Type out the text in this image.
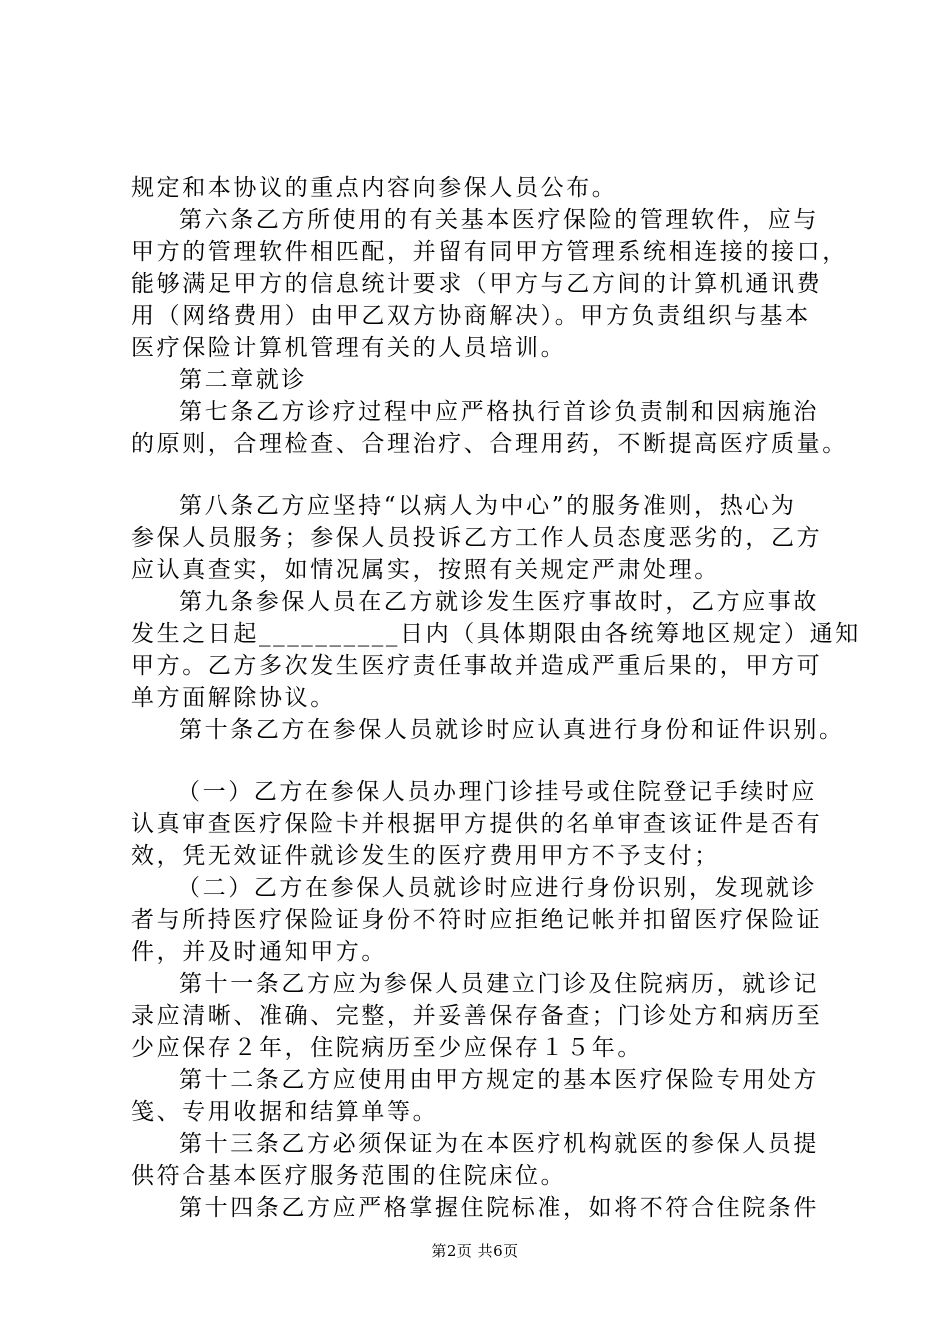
规定和本协议的重点内容向参保人员公布。
第六条乙方所使用的有关基本医疗保险的管理软件，应与
甲方的管理软件相匹配，并留有同甲方管理系统相连接的接口，
能够满足甲方的信息统计要求（甲方与乙方间的计算机通讯费
用（网络费用）由甲乙双方协商解决）。甲方负责组织与基本
医疗保险计算机管理有关的人员培训。
第二章就诊
第七条乙方诊疗过程中应严格执行首诊负责制和因病施治
的原则，合理检查、合理治疗、合理用药，不断提高医疗质量。
第八条乙方应坚持“以病人为中心”的服务准则，热心为
参保人员服务；参保人员投诉乙方工作人员态度恶劣的，乙方
应认真查实，如情况属实，按照有关规定严肃处理。
第九条参保人员在乙方就诊发生医疗事故时，乙方应事故
发生之日起__________日内（具体期限由各统筹地区规定）通知
甲方。乙方多次发生医疗责任事故并造成严重后果的，甲方可
单方面解除协议。
第十条乙方在参保人员就诊时应认真进行身份和证件识别。
（一）乙方在参保人员办理门诊挂号或住院登记手续时应
认真审查医疗保险卡并根据甲方提供的名单审查该证件是否有
效，凭无效证件就诊发生的医疗费用甲方不予支付；
（二）乙方在参保人员就诊时应进行身份识别，发现就诊
者与所持医疗保险证身份不符时应拒绝记帐并扣留医疗保险证
件，并及时通知甲方。
第十一条乙方应为参保人员建立门诊及住院病历，就诊记
录应清晰、准确、完整，并妥善保存备查；门诊处方和病历至
少应保存２年，住院病历至少应保存１５年。
第十二条乙方应使用由甲方规定的基本医疗保险专用处方
笺、专用收据和结算单等。
第十三条乙方必须保证为在本医疗机构就医的参保人员提
供符合基本医疗服务范围的住院床位。
第十四条乙方应严格掌握住院标准，如将不符合住院条件
第2页 共6页
